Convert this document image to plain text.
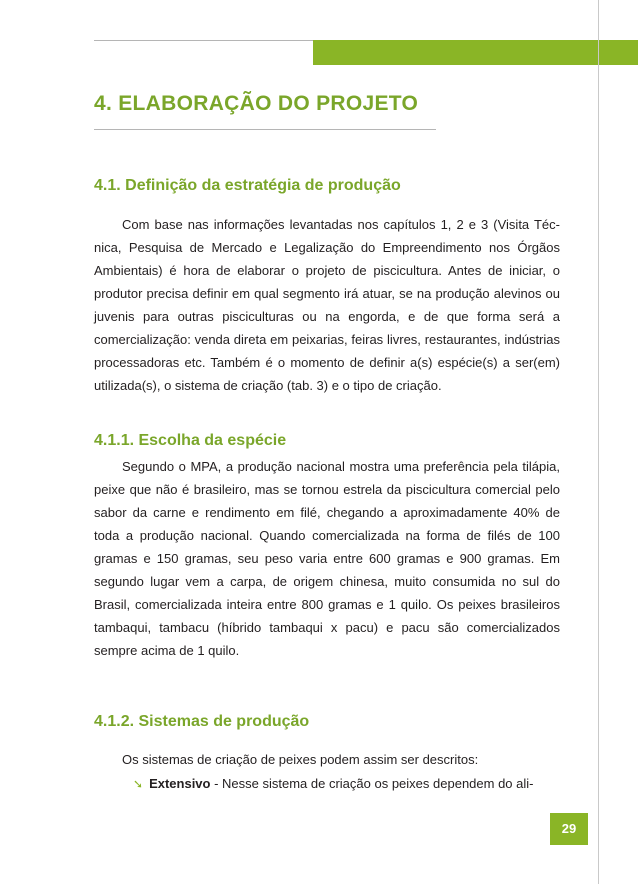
4. ELABORAÇÃO DO PROJETO
4.1. Definição da estratégia de produção

Com base nas informações levantadas nos capítulos 1, 2 e 3 (Visita Técnica, Pesquisa de Mercado e Legalização do Empreendimento nos Órgãos Ambientais) é hora de elaborar o projeto de piscicultura. Antes de iniciar, o produtor precisa definir em qual segmento irá atuar, se na produção alevinos ou juvenis para outras pisciculturas ou na engorda, e de que forma será a comercialização: venda direta em peixarias, feiras livres, restaurantes, indústrias processadoras etc. Também é o momento de definir a(s) espécie(s) a ser(em) utilizada(s), o sistema de criação (tab. 3) e o tipo de criação.

4.1.1. Escolha da espécie

Segundo o MPA, a produção nacional mostra uma preferência pela tilápia, peixe que não é brasileiro, mas se tornou estrela da piscicultura comercial pelo sabor da carne e rendimento em filé, chegando a aproximadamente 40% de toda a produção nacional. Quando comercializada na forma de filés de 100 gramas e 150 gramas, seu peso varia entre 600 gramas e 900 gramas. Em segundo lugar vem a carpa, de origem chinesa, muito consumida no sul do Brasil, comercializada inteira entre 800 gramas e 1 quilo. Os peixes brasileiros tambaqui, tambacu (híbrido tambaqui x pacu) e pacu são comercializados sempre acima de 1 quilo.

4.1.2. Sistemas de produção

Os sistemas de criação de peixes podem assim ser descritos:

➘ Extensivo - Nesse sistema de criação os peixes dependem do ali-
29
